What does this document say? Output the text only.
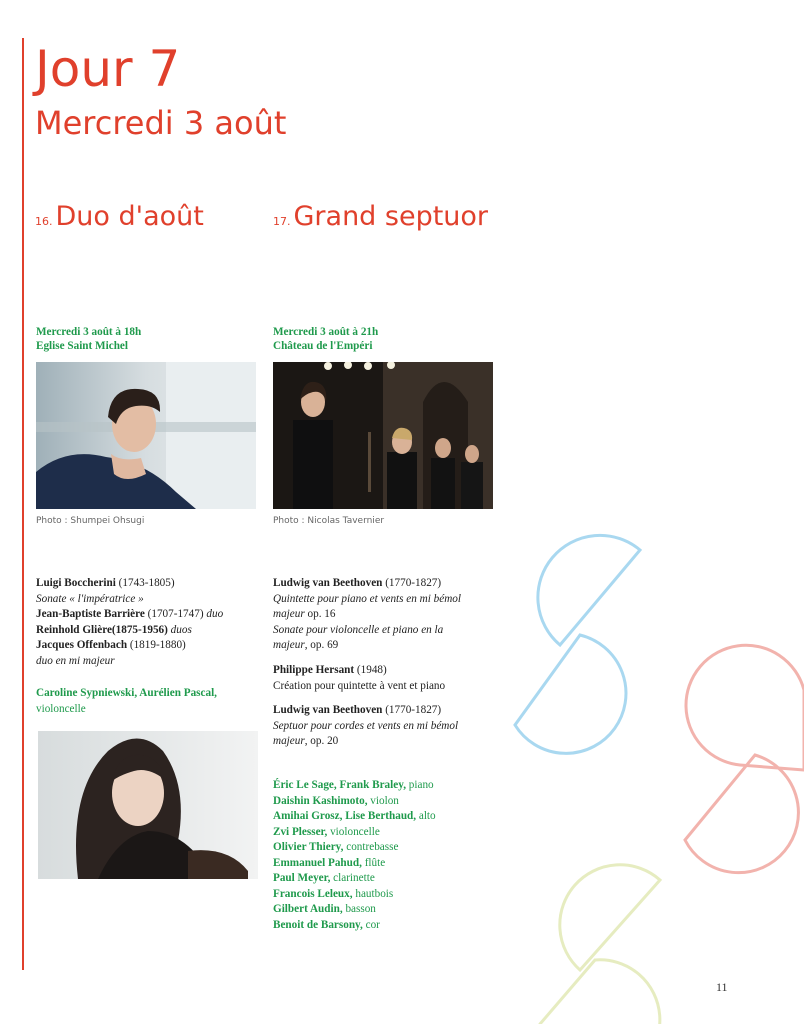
Jour 7
Mercredi 3 août
16. Duo d'août	17. Grand septuor
Mercredi 3 août à 18h
Eglise Saint Michel
Mercredi 3 août à 21h
Château de l'Empéri
Photo : Shumpei Ohsugi	Photo : Nicolas Tavernier
Luigi Boccherini (1743-1805)
Sonate « l'impératrice »
Jean-Baptiste Barrière (1707-1747) duo
Reinhold Glière(1875-1956) duos
Jacques Offenbach (1819-1880)
duo en mi majeur
Caroline Sypniewski, Aurélien Pascal,
violoncelle
Ludwig van Beethoven (1770-1827)
Quintette pour piano et vents en mi bémol
majeur op. 16
Sonate pour violoncelle et piano en la
majeur, op. 69
Philippe Hersant (1948)
Création pour quintette à vent et piano
Ludwig van Beethoven (1770-1827)
Septuor pour cordes et vents en mi bémol
majeur, op. 20
Éric Le Sage, Frank Braley, piano
Daishin Kashimoto, violon
Amihai Grosz, Lise Berthaud, alto
Zvi Plesser, violoncelle
Olivier Thiery, contrebasse
Emmanuel Pahud, flûte
Paul Meyer, clarinette
Francois Leleux, hautbois
Gilbert Audin, basson
Benoit de Barsony, cor
11
